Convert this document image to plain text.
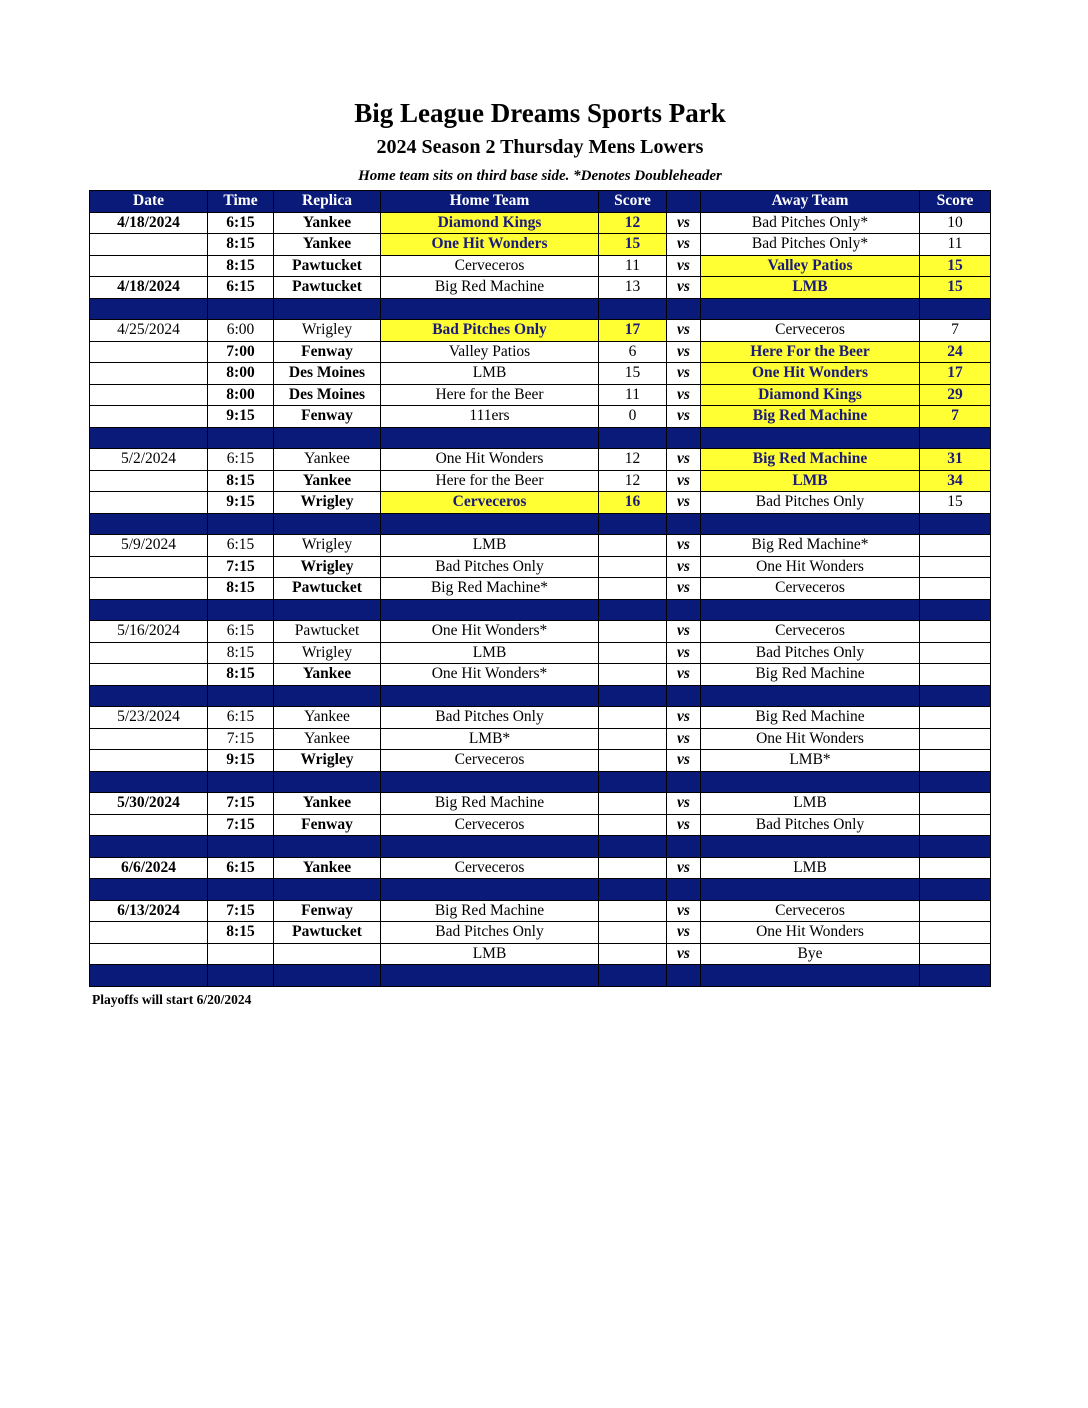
Big League Dreams Sports Park
2024 Season 2 Thursday Mens Lowers
Home team sits on third base side. *Denotes Doubleheader
Date	Time	Replica	Home Team	Score		Away Team	Score
4/18/2024	6:15	Yankee	Diamond Kings	12	vs	Bad Pitches Only*	10
	8:15	Yankee	One Hit Wonders	15	vs	Bad Pitches Only*	11
	8:15	Pawtucket	Cerveceros	11	vs	Valley Patios	15
4/18/2024	6:15	Pawtucket	Big Red Machine	13	vs	LMB	15
					vs		
4/25/2024	6:00	Wrigley	Bad Pitches Only	17	vs	Cerveceros	7
	7:00	Fenway	Valley Patios	6	vs	Here For the Beer	24
	8:00	Des Moines	LMB	15	vs	One Hit Wonders	17
	8:00	Des Moines	Here for the Beer	11	vs	Diamond Kings	29
	9:15	Fenway	111ers	0	vs	Big Red Machine	7
					vs		
5/2/2024	6:15	Yankee	One Hit Wonders	12	vs	Big Red Machine	31
	8:15	Yankee	Here for the Beer	12	vs	LMB	34
	9:15	Wrigley	Cerveceros	16	vs	Bad Pitches Only	15
					vs		
5/9/2024	6:15	Wrigley	LMB		vs	Big Red Machine*	
	7:15	Wrigley	Bad Pitches Only		vs	One Hit Wonders	
	8:15	Pawtucket	Big Red Machine*		vs	Cerveceros	
					vs		
5/16/2024	6:15	Pawtucket	One Hit Wonders*		vs	Cerveceros	
	8:15	Wrigley	LMB		vs	Bad Pitches Only	
	8:15	Yankee	One Hit Wonders*		vs	Big Red Machine	

5/23/2024	6:15	Yankee	Bad Pitches Only		vs	Big Red Machine	
	7:15	Yankee	LMB*		vs	One Hit Wonders	
	9:15	Wrigley	Cerveceros		vs	LMB*	
					vs		
5/30/2024	7:15	Yankee	Big Red Machine		vs	LMB	
	7:15	Fenway	Cerveceros		vs	Bad Pitches Only	

6/6/2024	6:15	Yankee	Cerveceros		vs	LMB	

6/13/2024	7:15	Fenway	Big Red Machine		vs	Cerveceros	
	8:15	Pawtucket	Bad Pitches Only		vs	One Hit Wonders	
			LMB		vs	Bye	

Playoffs will start 6/20/2024
